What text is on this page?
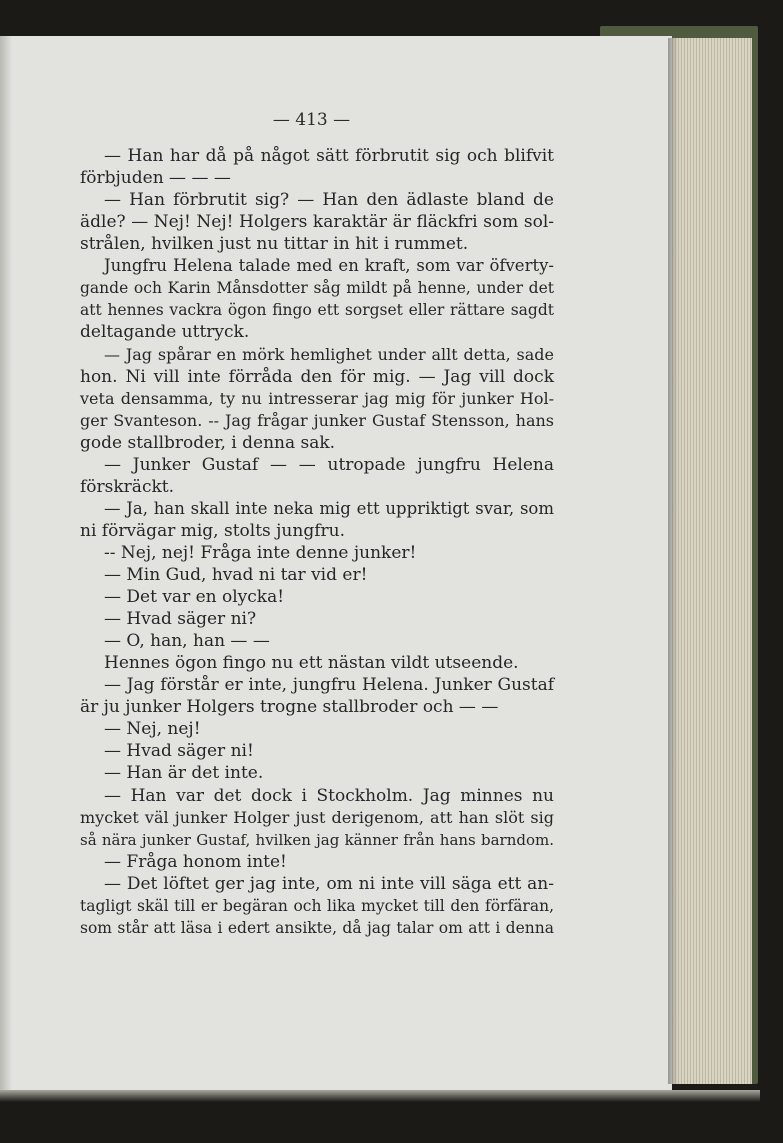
— 413 —

— Han har då på något sätt förbrutit sig och blifvit

förbjuden — — —

— Han förbrutit sig? — Han den ädlaste bland de

ädle? — Nej! Nej! Holgers karaktär är fläckfri som sol-

strålen, hvilken just nu tittar in hit i rummet.

Jungfru Helena talade med en kraft, som var öfverty-

gande och Karin Månsdotter såg mildt på henne, under det

att hennes vackra ögon fingo ett sorgset eller rättare sagdt

deltagande uttryck.

— Jag spårar en mörk hemlighet under allt detta, sade

hon. Ni vill inte förråda den för mig. — Jag vill dock

veta densamma, ty nu intresserar jag mig för junker Hol-

ger Svanteson. -- Jag frågar junker Gustaf Stensson, hans

gode stallbroder, i denna sak.

— Junker Gustaf — — utropade jungfru Helena

förskräckt.

— Ja, han skall inte neka mig ett uppriktigt svar, som

ni förvägar mig, stolts jungfru.

-- Nej, nej! Fråga inte denne junker!

— Min Gud, hvad ni tar vid er!

— Det var en olycka!

— Hvad säger ni?

— O, han, han — —

Hennes ögon fingo nu ett nästan vildt utseende.

— Jag förstår er inte, jungfru Helena. Junker Gustaf

är ju junker Holgers trogne stallbroder och — —

— Nej, nej!

— Hvad säger ni!

— Han är det inte.

— Han var det dock i Stockholm. Jag minnes nu

mycket väl junker Holger just derigenom, att han slöt sig

så nära junker Gustaf, hvilken jag känner från hans barndom.

— Fråga honom inte!

— Det löftet ger jag inte, om ni inte vill säga ett an-

tagligt skäl till er begäran och lika mycket till den förfäran,

som står att läsa i edert ansikte, då jag talar om att i denna
